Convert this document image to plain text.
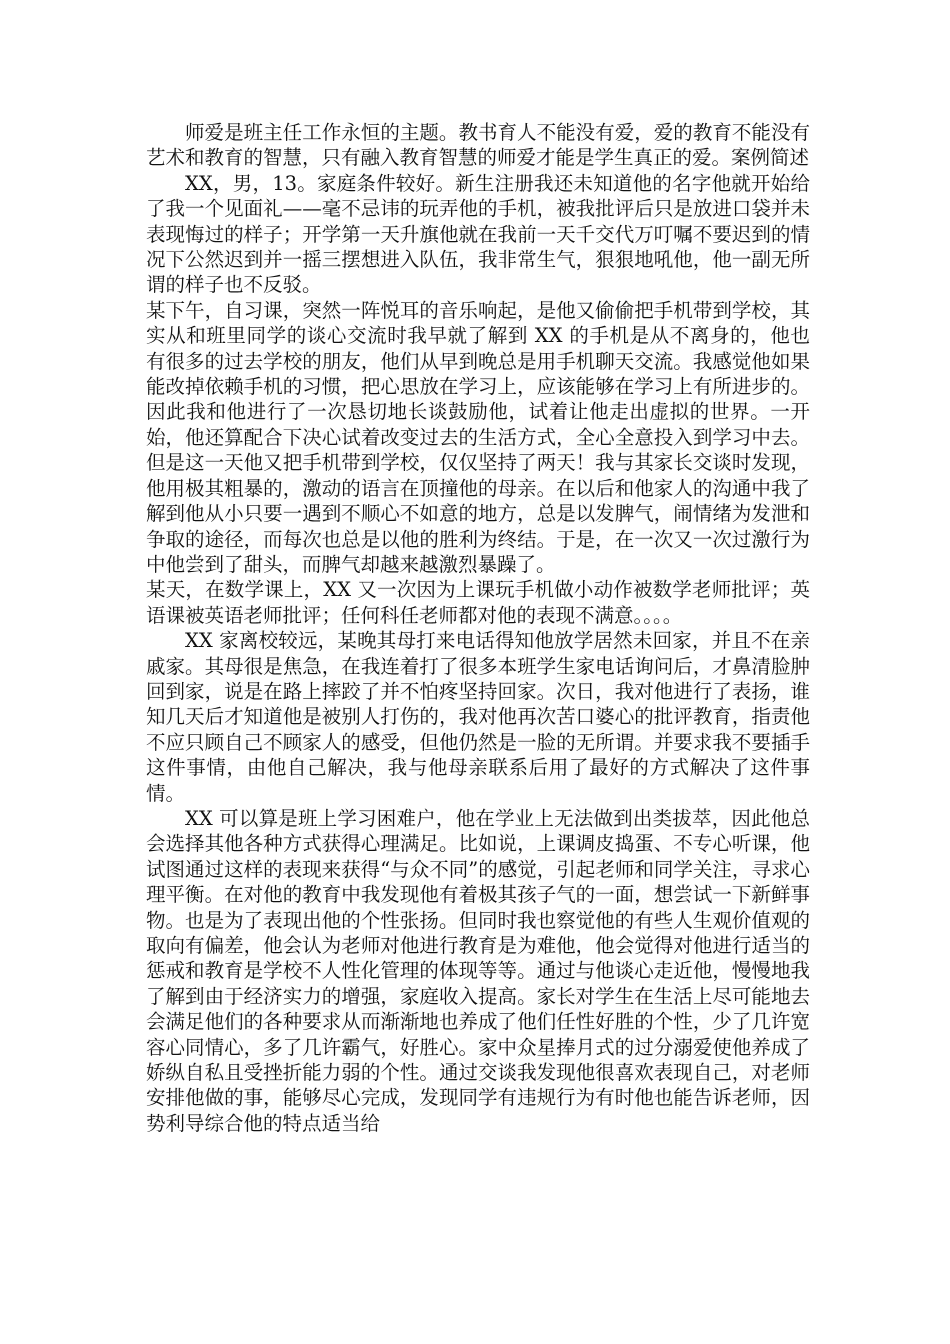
师爱是班主任工作永恒的主题。教书育人不能没有爱，爱的教育不能没有艺术和教育的智慧，只有融入教育智慧的师爱才能是学生真正的爱。案例简述

XX，男，13。家庭条件较好。新生注册我还未知道他的名字他就开始给了我一个见面礼——毫不忌讳的玩弄他的手机，被我批评后只是放进口袋并未表现悔过的样子；开学第一天升旗他就在我前一天千交代万叮嘱不要迟到的情况下公然迟到并一摇三摆想进入队伍，我非常生气，狠狠地吼他，他一副无所谓的样子也不反驳。

某下午，自习课，突然一阵悦耳的音乐响起，是他又偷偷把手机带到学校，其实从和班里同学的谈心交流时我早就了解到 XX 的手机是从不离身的，他也有很多的过去学校的朋友，他们从早到晚总是用手机聊天交流。我感觉他如果能改掉依赖手机的习惯，把心思放在学习上，应该能够在学习上有所进步的。因此我和他进行了一次恳切地长谈鼓励他，试着让他走出虚拟的世界。一开始，他还算配合下决心试着改变过去的生活方式，全心全意投入到学习中去。但是这一天他又把手机带到学校，仅仅坚持了两天！我与其家长交谈时发现，他用极其粗暴的，激动的语言在顶撞他的母亲。在以后和他家人的沟通中我了解到他从小只要一遇到不顺心不如意的地方，总是以发脾气，闹情绪为发泄和争取的途径，而每次也总是以他的胜利为终结。于是，在一次又一次过激行为中他尝到了甜头，而脾气却越来越激烈暴躁了。

某天，在数学课上，XX 又一次因为上课玩手机做小动作被数学老师批评；英语课被英语老师批评；任何科任老师都对他的表现不满意。。。。

XX 家离校较远，某晚其母打来电话得知他放学居然未回家，并且不在亲戚家。其母很是焦急，在我连着打了很多本班学生家电话询问后，才鼻清脸肿回到家，说是在路上摔跤了并不怕疼坚持回家。次日，我对他进行了表扬，谁知几天后才知道他是被别人打伤的，我对他再次苦口婆心的批评教育，指责他不应只顾自己不顾家人的感受，但他仍然是一脸的无所谓。并要求我不要插手这件事情，由他自己解决，我与他母亲联系后用了最好的方式解决了这件事情。

XX 可以算是班上学习困难户，他在学业上无法做到出类拔萃，因此他总会选择其他各种方式获得心理满足。比如说，上课调皮捣蛋、不专心听课，他试图通过这样的表现来获得“与众不同”的感觉，引起老师和同学关注，寻求心理平衡。在对他的教育中我发现他有着极其孩子气的一面，想尝试一下新鲜事物。也是为了表现出他的个性张扬。但同时我也察觉他的有些人生观价值观的取向有偏差，他会认为老师对他进行教育是为难他，他会觉得对他进行适当的惩戒和教育是学校不人性化管理的体现等等。通过与他谈心走近他，慢慢地我了解到由于经济实力的增强，家庭收入提高。家长对学生在生活上尽可能地去会满足他们的各种要求从而渐渐地也养成了他们任性好胜的个性，少了几许宽容心同情心，多了几许霸气，好胜心。家中众星捧月式的过分溺爱使他养成了娇纵自私且受挫折能力弱的个性。通过交谈我发现他很喜欢表现自己，对老师安排他做的事，能够尽心完成，发现同学有违规行为有时他也能告诉老师，因势利导综合他的特点适当给
